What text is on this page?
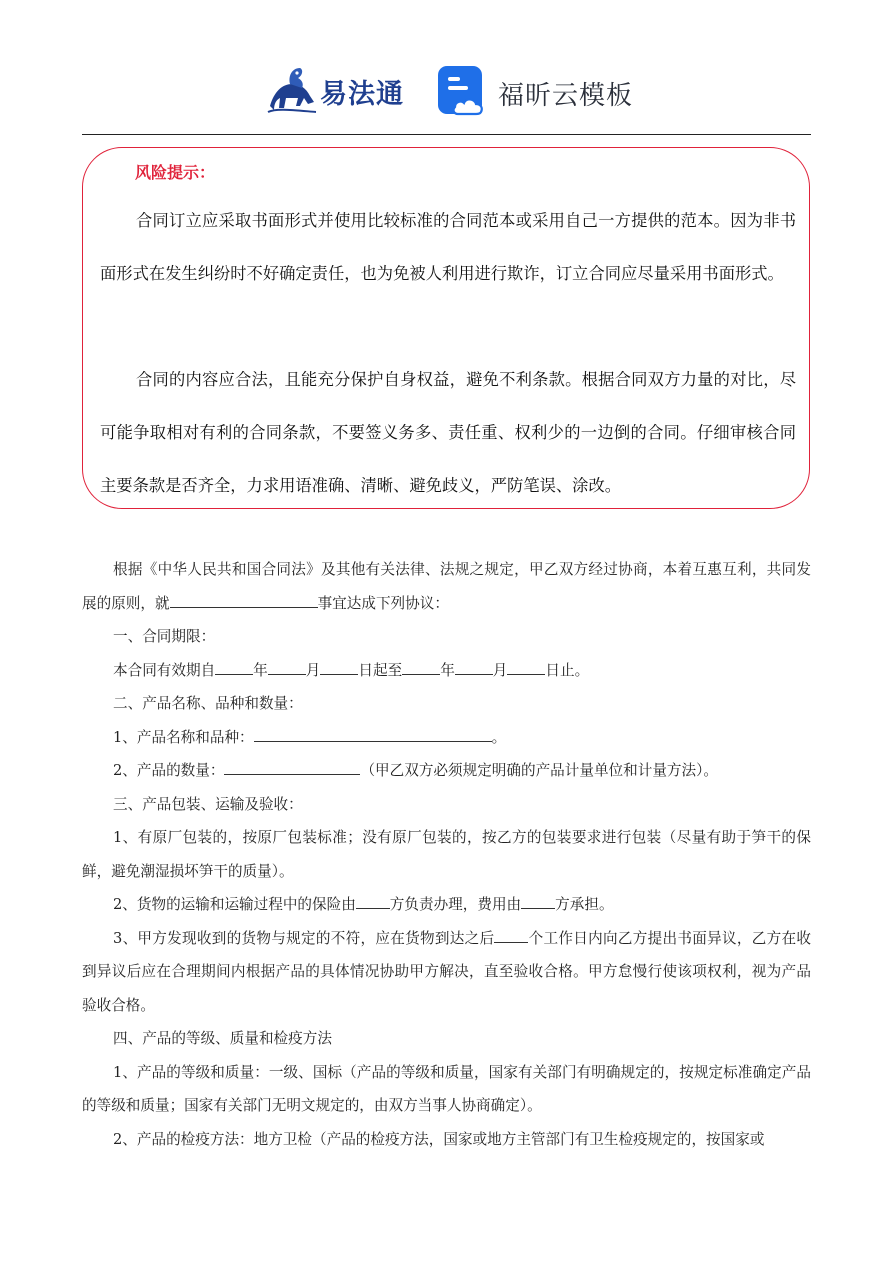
易法通	福昕云模板
风险提示：

合同订立应采取书面形式并使用比较标准的合同范本或采用自己一方提供的范本。因为非书面形式在发生纠纷时不好确定责任，也为免被人利用进行欺诈，订立合同应尽量采用书面形式。

合同的内容应合法，且能充分保护自身权益，避免不利条款。根据合同双方力量的对比，尽可能争取相对有利的合同条款，不要签义务多、责任重、权利少的一边倒的合同。仔细审核合同主要条款是否齐全，力求用语准确、清晰、避免歧义，严防笔误、涂改。

根据《中华人民共和国合同法》及其他有关法律、法规之规定，甲乙双方经过协商，本着互惠互利，共同发展的原则，就	事宜达成下列协议：

一、合同期限：

本合同有效期自	年	月	日起至	年	月	日止。

二、产品名称、品种和数量：

1、产品名称和品种：	。

2、产品的数量：	（甲乙双方必须规定明确的产品计量单位和计量方法）。

三、产品包装、运输及验收：

1、有原厂包装的，按原厂包装标准；没有原厂包装的，按乙方的包装要求进行包装（尽量有助于笋干的保鲜，避免潮湿损坏笋干的质量）。

2、货物的运输和运输过程中的保险由 方负责办理，费用由 方承担。

3、甲方发现收到的货物与规定的不符，应在货物到达之后 个工作日内向乙方提出书面异议，乙方在收到异议后应在合理期间内根据产品的具体情况协助甲方解决，直至验收合格。甲方怠慢行使该项权利，视为产品验收合格。

四、产品的等级、质量和检疫方法

1、产品的等级和质量：一级、国标（产品的等级和质量，国家有关部门有明确规定的，按规定标准确定产品的等级和质量；国家有关部门无明文规定的，由双方当事人协商确定）。

2、产品的检疫方法：地方卫检（产品的检疫方法，国家或地方主管部门有卫生检疫规定的，按国家或
